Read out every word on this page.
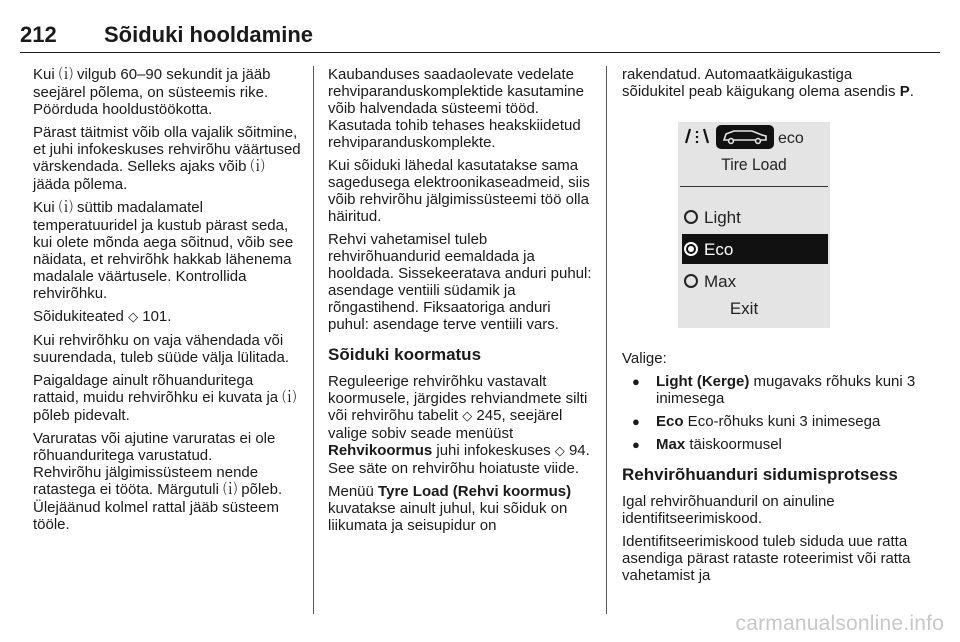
212	Sõiduki hooldamine

Kui ⒤ vilgub 60–90 sekundit ja jääb seejärel põlema, on süsteemis rike. Pöörduda hooldustöökotta.

Pärast täitmist võib olla vajalik sõitmine, et juhi infokeskuses rehvirõhu väärtused värskendada. Selleks ajaks võib ⒤ jääda põlema.

Kui ⒤ süttib madalamatel temperatuuridel ja kustub pärast seda, kui olete mõnda aega sõitnud, võib see näidata, et rehvirõhk hakkab lähenema madalale väärtusele. Kontrollida rehvirõhku.

Sõidukiteated ◇ 101.

Kui rehvirõhku on vaja vähendada või suurendada, tuleb süüde välja lülitada.

Paigaldage ainult rõhuanduritega rattaid, muidu rehvirõhku ei kuvata ja ⒤ põleb pidevalt.

Varuratas või ajutine varuratas ei ole rõhuanduritega varustatud.

Rehvirõhu jälgimissüsteem nende ratastega ei tööta. Märgutuli ⒤ põleb. Ülejäänud kolmel rattal jääb süsteem tööle.

Kaubanduses saadaolevate vedelate rehviparanduskomplektide kasutamine võib halvendada süsteemi tööd. Kasutada tohib tehases heakskiidetud rehviparanduskomplekte.

Kui sõiduki lähedal kasutatakse sama sagedusega elektroonikaseadmeid, siis võib rehvirõhu jälgimissüsteemi töö olla häiritud.

Rehvi vahetamisel tuleb rehvirõhuandurid eemaldada ja hooldada. Sissekeeratava anduri puhul: asendage ventiili südamik ja rõngastihend. Fiksaatoriga anduri puhul: asendage terve ventiili vars.

Sõiduki koormatus

Reguleerige rehvirõhku vastavalt koormusele, järgides rehviandmete silti või rehvirõhu tabelit ◇ 245, seejärel valige sobiv seade menüüst Rehvikoormus juhi infokeskuses ◇ 94. See säte on rehvirõhu hoiatuste viide.

Menüü Tyre Load (Rehvi koormus) kuvatakse ainult juhul, kui sõiduk on liikumata ja seisupidur on

rakendatud. Automaatkäigukastiga sõidukitel peab käigukang olema asendis P.

eco
Tire Load
Light
Eco
Max
Exit

Valige:

●	Light (Kerge) mugavaks rõhuks kuni 3 inimesega
●	Eco Eco-rõhuks kuni 3 inimesega
●	Max täiskoormusel
Rehvirõhuanduri sidumisprotsess

Igal rehvirõhuanduril on ainuline identifitseerimiskood.

Identifitseerimiskood tuleb siduda uue ratta asendiga pärast rataste roteerimist või ratta vahetamist ja

carmanualsonline.info
